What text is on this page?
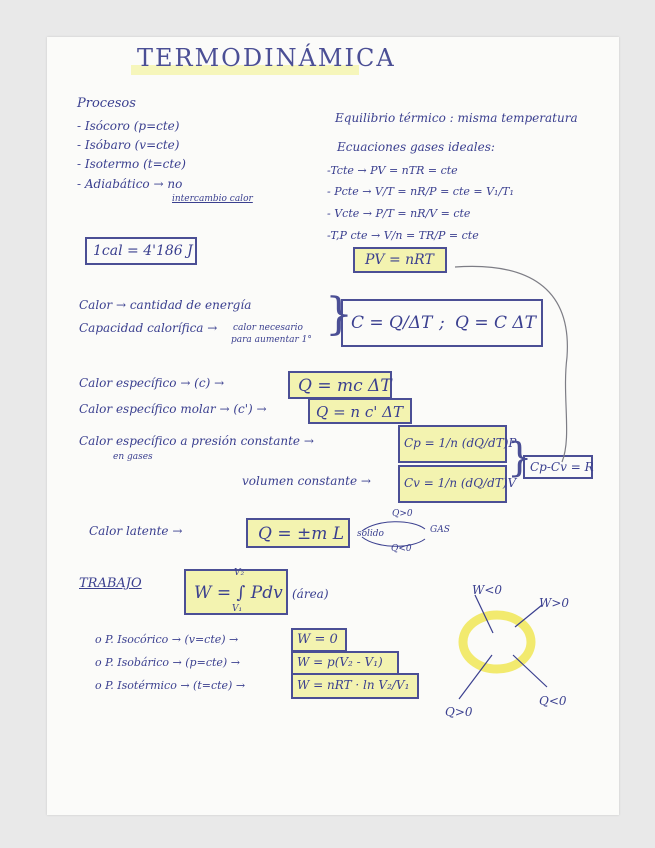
TERMODINÁMICA
Procesos
- Isócoro (p=cte)
- Isóbaro (v=cte)
- Isotermo (t=cte)
- Adiabático → no
intercambio calor
Equilibrio térmico : misma temperatura
Ecuaciones gases ideales:
-Tcte → PV = nTR = cte
- Pcte → V/T = nR/P = cte = V₁/T₁
- Vcte → P/T = nR/V = cte
-T,P cte → V/n = TR/P = cte
PV = nRT
1cal = 4'186 J
Calor → cantidad de energía
Capacidad calorífica → calor necesario
para aumentar 1° }
C = Q/ΔT ; Q = C ΔT
Calor específico → (c) →	Q = mc ΔT
Calor específico molar → (c') →	Q = n c' ΔT
Calor específico a presión constante →
en gases
Cp = 1/n (dQ/dT)P
volumen constante →	Cv = 1/n (dQ/dT)V
}
Cp-Cv = R
Calor latente →	Q = ±m L
Q>0
sólido	GAS
Q<0
TRABAJO	W = ∫ Pdv
V₂
V₁
(área)
o P. Isocórico → (v=cte) →	W = 0
o P. Isobárico → (p=cte) →	W = p(V₂ - V₁)
o P. Isotérmico → (t=cte) →	W = nRT · ln V₂/V₁
W<0
W>0
Q>0
Q<0
